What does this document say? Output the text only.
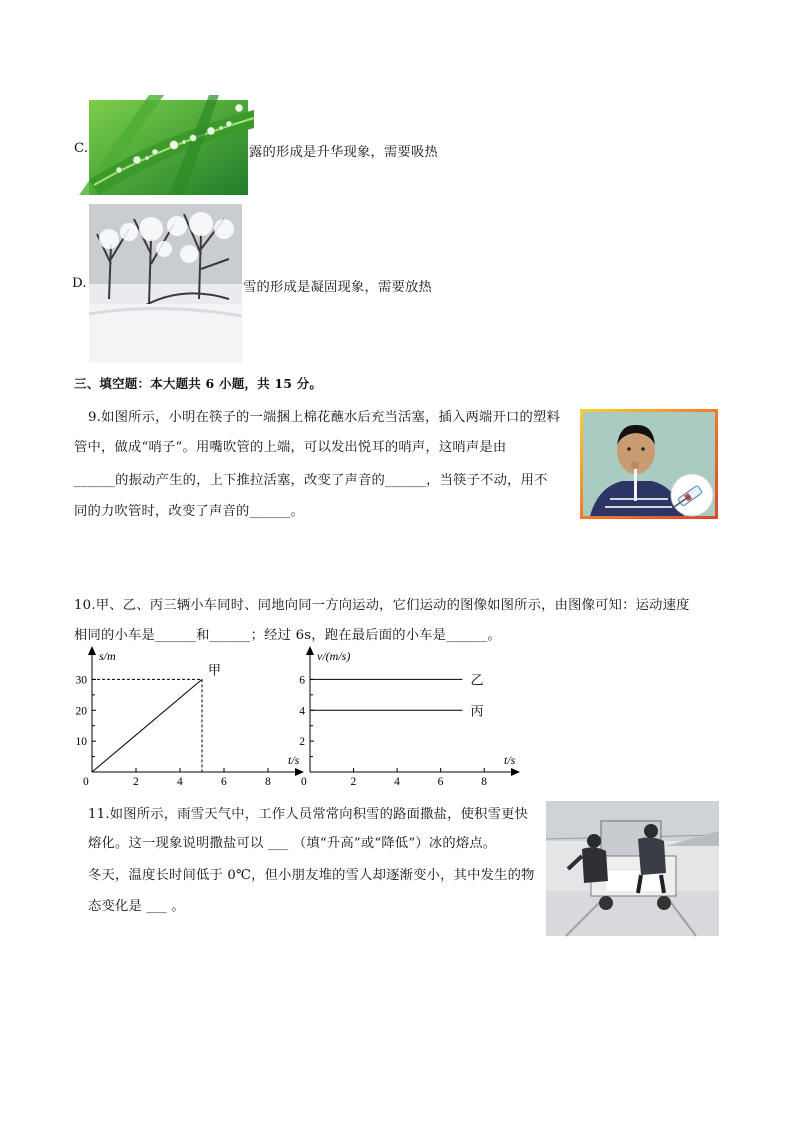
C.	露的形成是升华现象，需要吸热
D.	雪的形成是凝固现象，需要放热
三、填空题：本大题共 6 小题，共 15 分。
9.如图所示，小明在筷子的一端捆上棉花蘸水后充当活塞，插入两端开口的塑料
管中，做成“哨子”。用嘴吹管的上端，可以发出悦耳的哨声，这哨声是由
______的振动产生的，上下推拉活塞，改变了声音的______，当筷子不动，用不
同的力吹管时，改变了声音的______。
10.甲、乙、丙三辆小车同时、同地向同一方向运动，它们运动的图像如图所示，由图像可知：运动速度
相同的小车是______和______；经过 6s，跑在最后面的小车是______。
s/m
t/s
0	2	4	6	8
10
20
30
甲
v/(m/s)
t/s
0	2	4	6	8
2
4
6	乙
丙
11.如图所示，雨雪天气中，工作人员常常向积雪的路面撒盐，使积雪更快
熔化。这一现象说明撒盐可以 ___ （填“升高”或“降低”）冰的熔点。
冬天，温度长时间低于 0℃，但小朋友堆的雪人却逐渐变小，其中发生的物
态变化是 ___ 。
